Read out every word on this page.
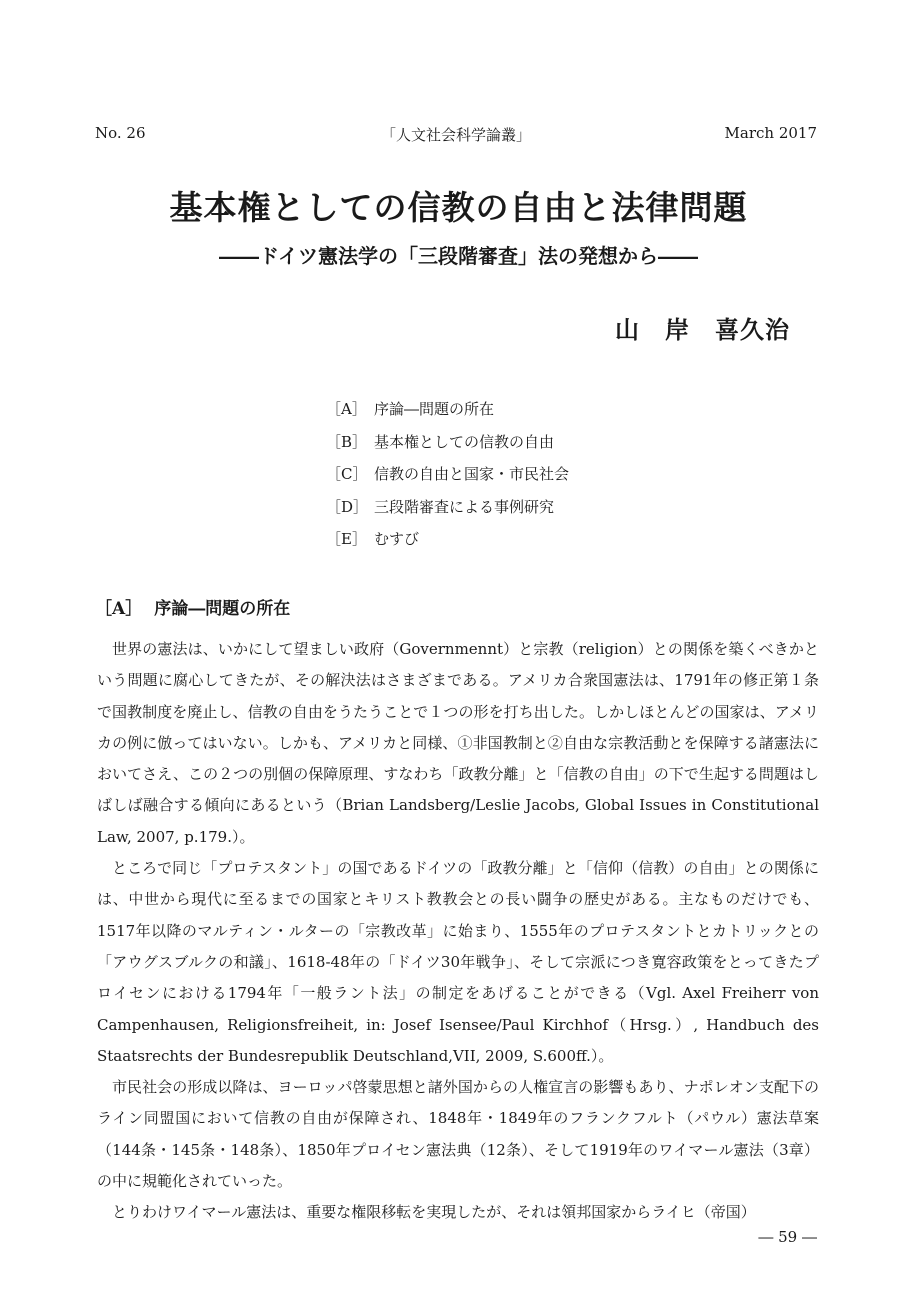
No. 26	「人文社会科学論叢」	March 2017
基本権としての信教の自由と法律問題
――ドイツ憲法学の「三段階審査」法の発想から――
山　岸　喜久治
［A］ 序論―問題の所在
［B］ 基本権としての信教の自由
［C］ 信教の自由と国家・市民社会
［D］ 三段階審査による事例研究
［E］ むすび
［A］ 序論―問題の所在

世界の憲法は、いかにして望ましい政府（Governmennt）と宗教（religion）との関係を築くべきかという問題に腐心してきたが、その解決法はさまざまである。アメリカ合衆国憲法は、1791年の修正第１条で国教制度を廃止し、信教の自由をうたうことで１つの形を打ち出した。しかしほとんどの国家は、アメリカの例に倣ってはいない。しかも、アメリカと同様、①非国教制と②自由な宗教活動とを保障する諸憲法においてさえ、この２つの別個の保障原理、すなわち「政教分離」と「信教の自由」の下で生起する問題はしばしば融合する傾向にあるという（Brian Landsberg/Leslie Jacobs, Global Issues in Constitutional Law, 2007, p.179.）。

ところで同じ「プロテスタント」の国であるドイツの「政教分離」と「信仰（信教）の自由」との関係には、中世から現代に至るまでの国家とキリスト教教会との長い闘争の歴史がある。主なものだけでも、1517年以降のマルティン・ルターの「宗教改革」に始まり、1555年のプロテスタントとカトリックとの「アウグスブルクの和議」、1618-48年の「ドイツ30年戦争」、そして宗派につき寛容政策をとってきたプロイセンにおける1794年「一般ラント法」の制定をあげることができる（Vgl. Axel Freiherr von Campenhausen, Religionsfreiheit, in: Josef Isensee/Paul Kirchhof（Hrsg.）, Handbuch des Staatsrechts der Bundesrepublik Deutschland,VII, 2009, S.600ff.）。

市民社会の形成以降は、ヨーロッパ啓蒙思想と諸外国からの人権宣言の影響もあり、ナポレオン支配下のライン同盟国において信教の自由が保障され、1848年・1849年のフランクフルト（パウル）憲法草案（144条・145条・148条）、1850年プロイセン憲法典（12条）、そして1919年のワイマール憲法（3章）の中に規範化されていった。

とりわけワイマール憲法は、重要な権限移転を実現したが、それは領邦国家からライヒ（帝国）

― 59 ―
